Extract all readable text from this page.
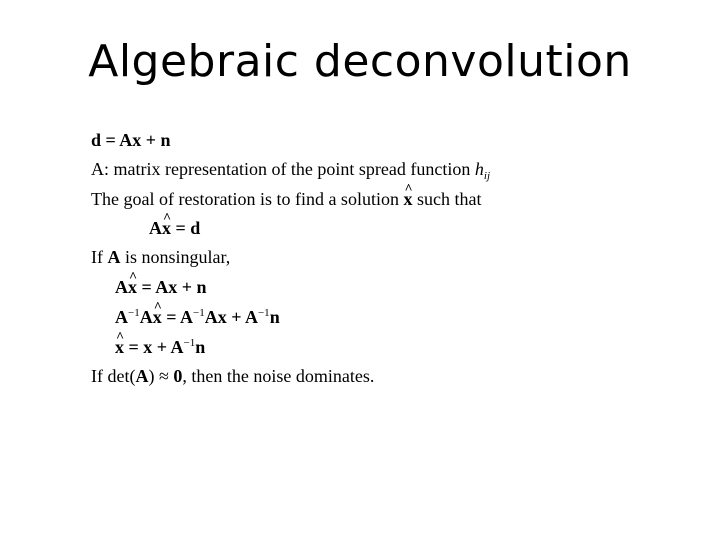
Algebraic deconvolution
d = Ax + n
A: matrix representation of the point spread function $h_{ij}$
The goal of restoration is to find a solution x ^ such that
Ax ^ = d
If A is nonsingular,
Ax ^ = Ax + n
$A^{-1}Ax$ ^ = $A^{-1}Ax + A^{-1}n$
x ^ = $x + A^{-1}n$
If det(A) ≈ 0, then the noise dominates.
